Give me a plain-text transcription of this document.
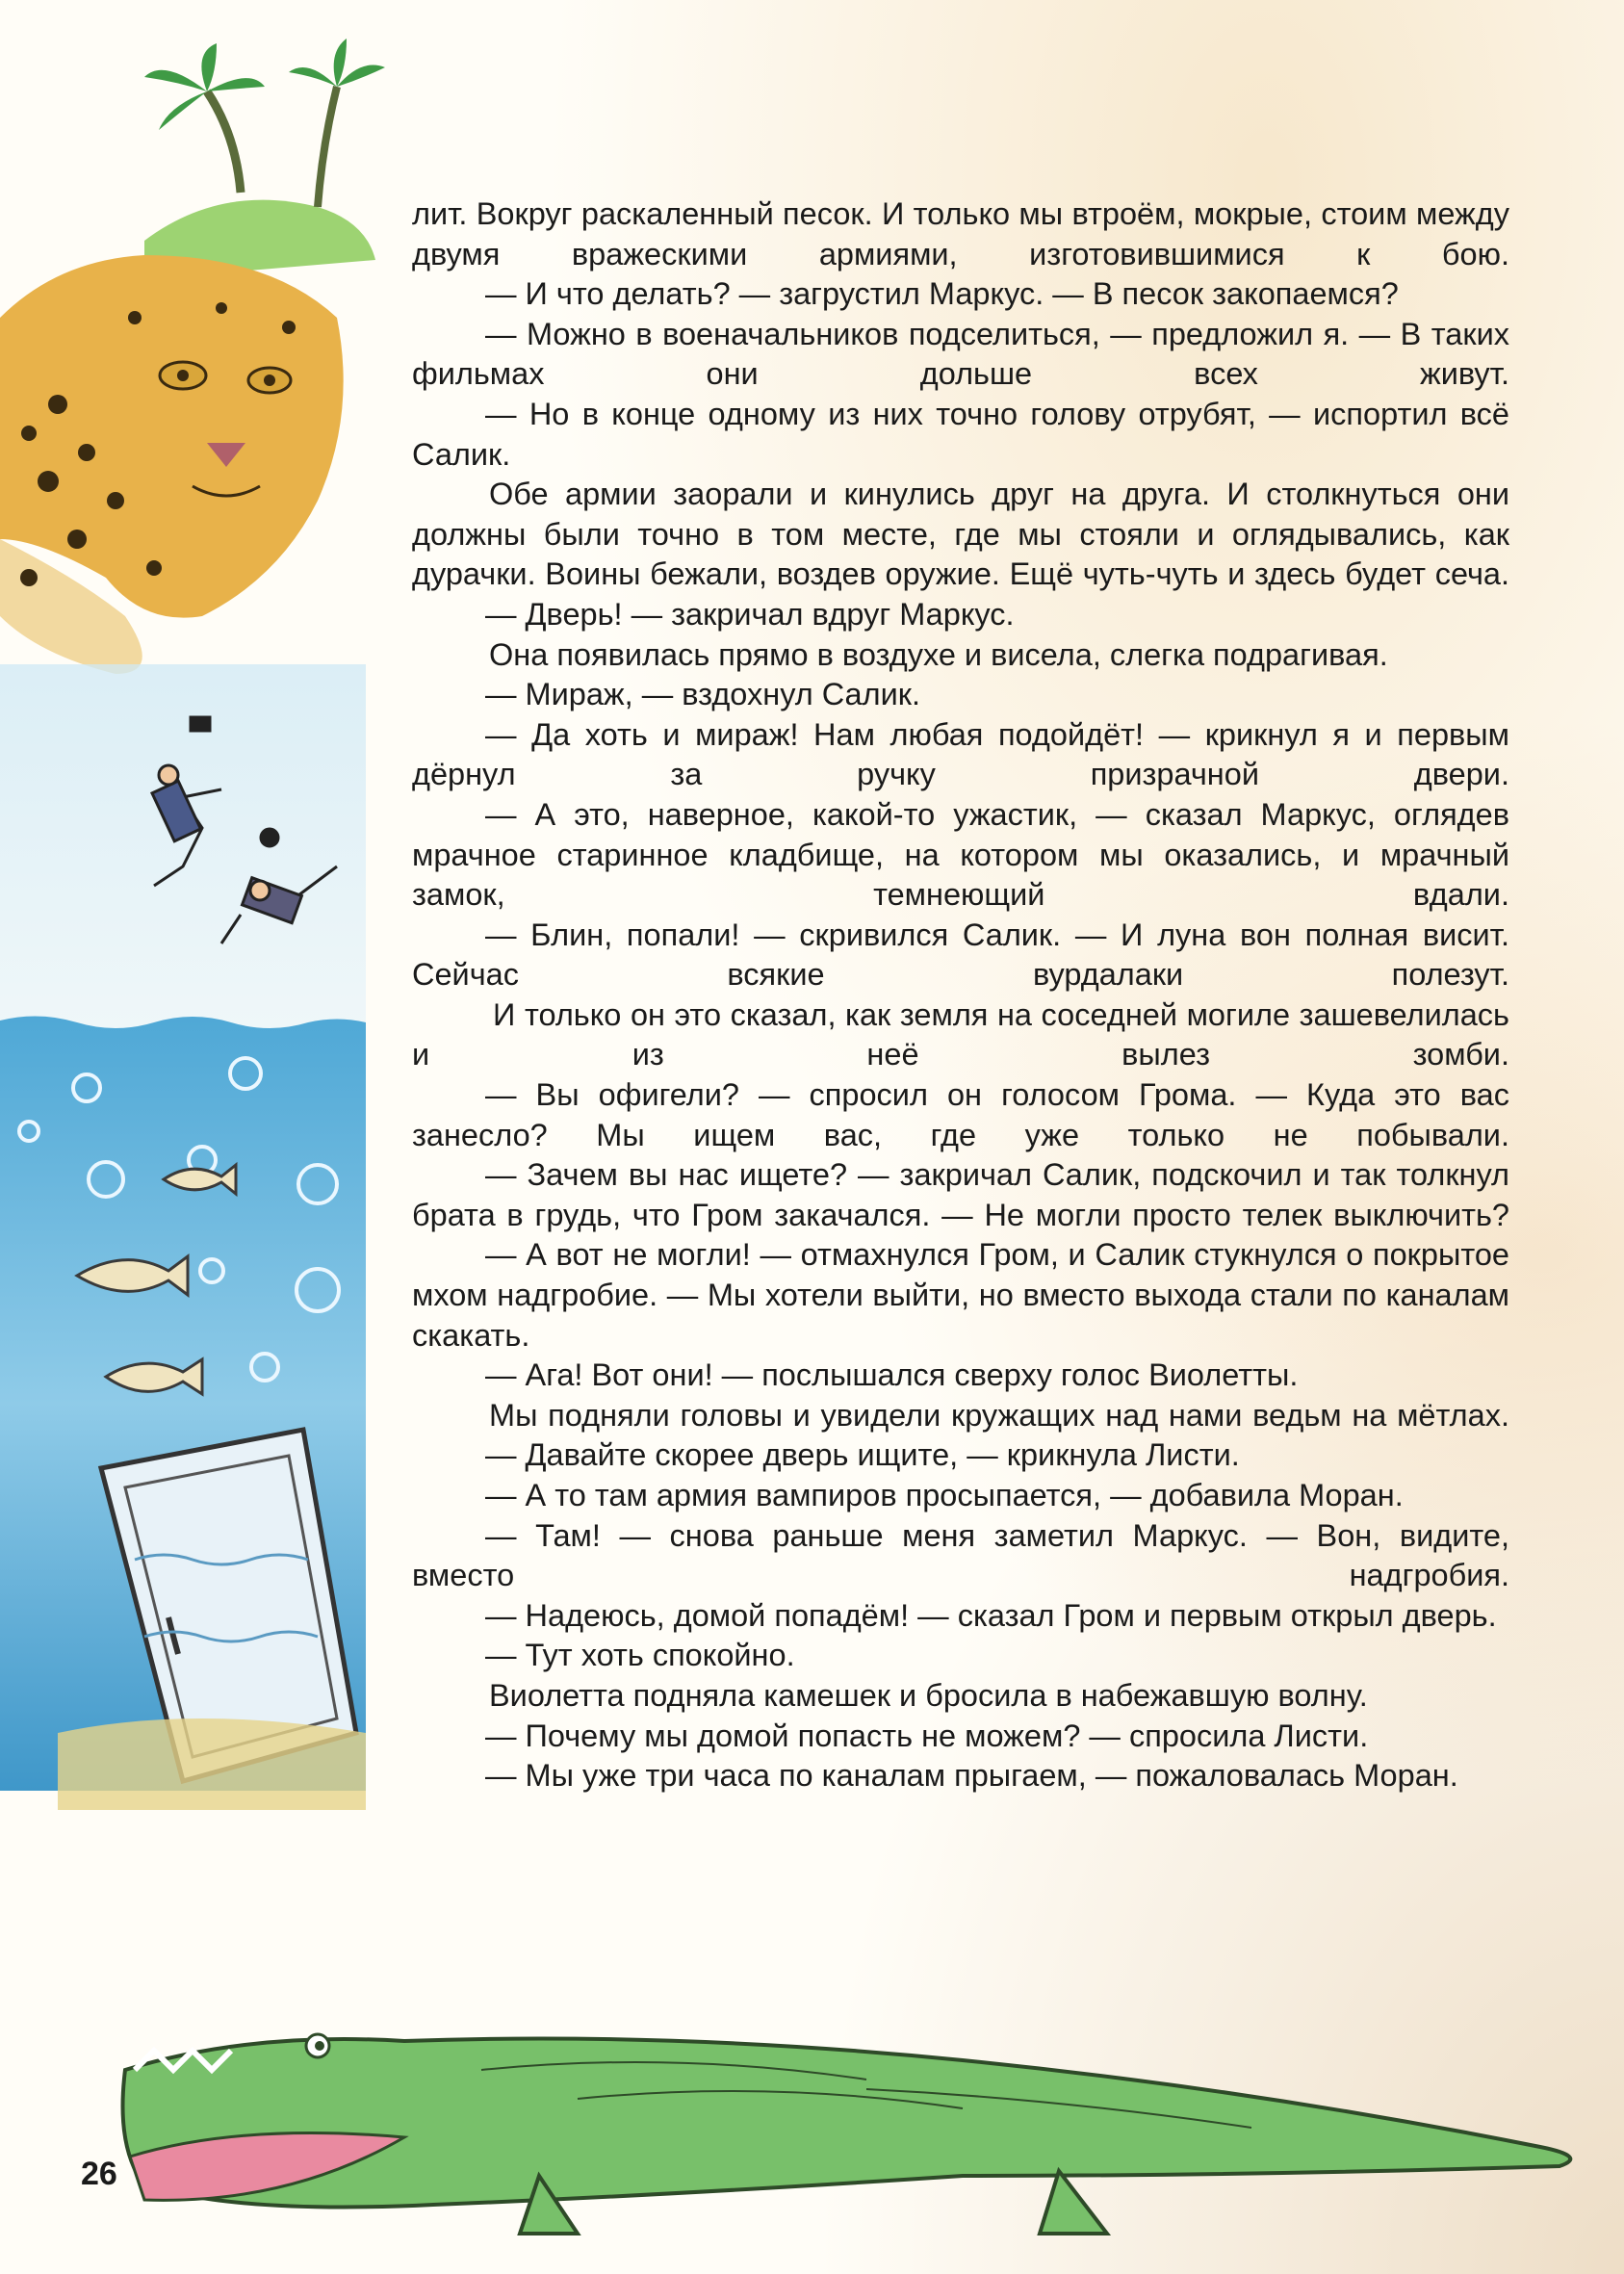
лит. Вокруг раскаленный песок. И только мы втроём, мокрые, стоим между двумя вражескими армиями, изготовившимися к бою.

— И что делать? — загрустил Маркус. — В песок закопаемся?

— Можно в военачальников подселиться, — предложил я. — В таких фильмах они дольше всех живут.

— Но в конце одному из них точно голову отрубят, — испортил всё Салик.

Обе армии заорали и кинулись друг на друга. И столкнуться они должны были точно в том месте, где мы стояли и оглядывались, как дурачки. Воины бежали, воздев оружие. Ещё чуть-чуть и здесь будет сеча.

— Дверь! — закричал вдруг Маркус.

Она появилась прямо в воздухе и висела, слегка подрагивая.

— Мираж, — вздохнул Салик.

— Да хоть и мираж! Нам любая подойдёт! — крикнул я и первым дёрнул за ручку призрачной двери.

— А это, наверное, какой-то ужастик, — сказал Маркус, оглядев мрачное старинное кладбище, на котором мы оказались, и мрачный замок, темнеющий вдали.

— Блин, попали! — скривился Салик. — И луна вон полная висит. Сейчас всякие вурдалаки полезут.

И только он это сказал, как земля на соседней могиле зашевелилась и из неё вылез зомби.

— Вы офигели? — спросил он голосом Грома. — Куда это вас занесло? Мы ищем вас, где уже только не побывали.

— Зачем вы нас ищете? — закричал Салик, подскочил и так толкнул брата в грудь, что Гром закачался. — Не могли просто телек выключить?

— А вот не могли! — отмахнулся Гром, и Салик стукнулся о покрытое мхом надгробие. — Мы хотели выйти, но вместо выхода стали по каналам скакать.

— Ага! Вот они! — послышался сверху голос Виолетты.

Мы подняли головы и увидели кружащих над нами ведьм на мётлах.

— Давайте скорее дверь ищите, — крикнула Листи.

— А то там армия вампиров просыпается, — добавила Моран.

— Там! — снова раньше меня заметил Маркус. — Вон, видите, вместо надгробия.

— Надеюсь, домой попадём! — сказал Гром и первым открыл дверь.

— Тут хоть спокойно.

Виолетта подняла камешек и бросила в набежавшую волну.

— Почему мы домой попасть не можем? — спросила Листи.

— Мы уже три часа по каналам прыгаем, — пожаловалась Моран.

26
